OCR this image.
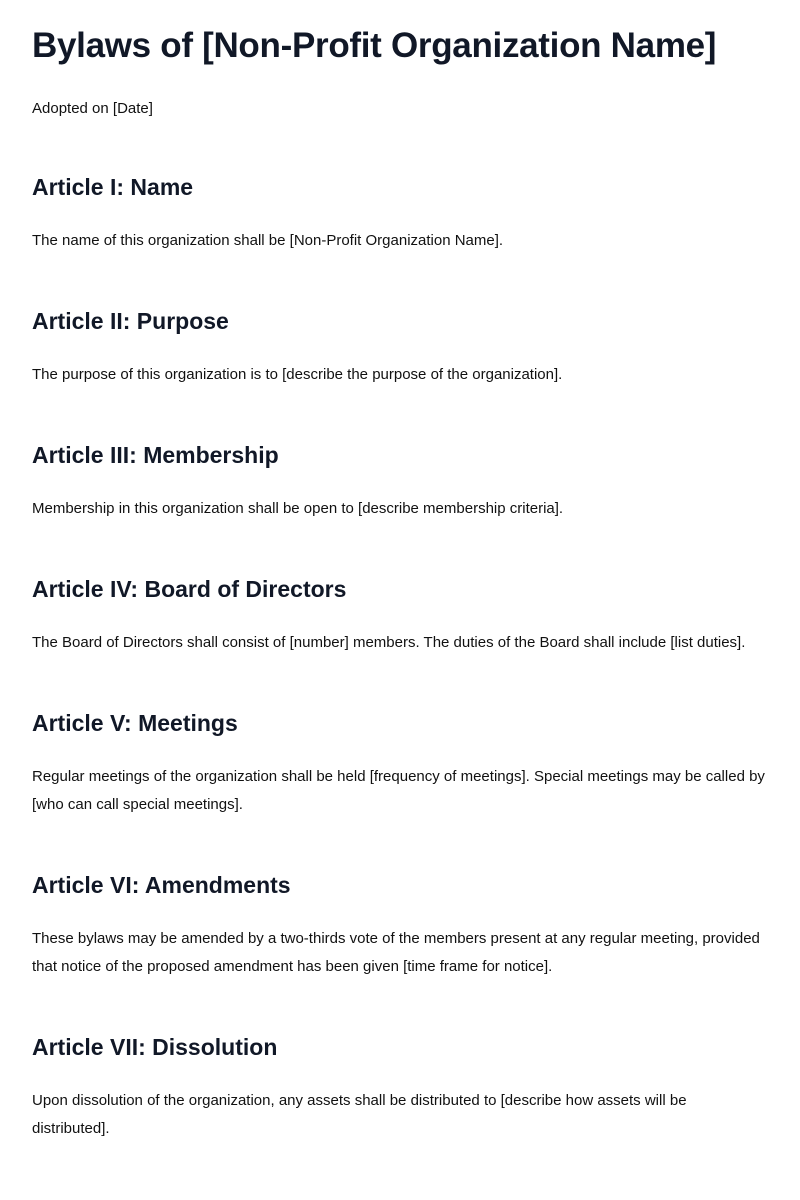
Bylaws of [Non-Profit Organization Name]

Adopted on [Date]

Article I: Name

The name of this organization shall be [Non-Profit Organization Name].

Article II: Purpose

The purpose of this organization is to [describe the purpose of the organization].

Article III: Membership

Membership in this organization shall be open to [describe membership criteria].

Article IV: Board of Directors

The Board of Directors shall consist of [number] members. The duties of the Board shall include [list duties].

Article V: Meetings

Regular meetings of the organization shall be held [frequency of meetings]. Special meetings may be called by [who can call special meetings].

Article VI: Amendments

These bylaws may be amended by a two-thirds vote of the members present at any regular meeting, provided that notice of the proposed amendment has been given [time frame for notice].

Article VII: Dissolution

Upon dissolution of the organization, any assets shall be distributed to [describe how assets will be distributed].
